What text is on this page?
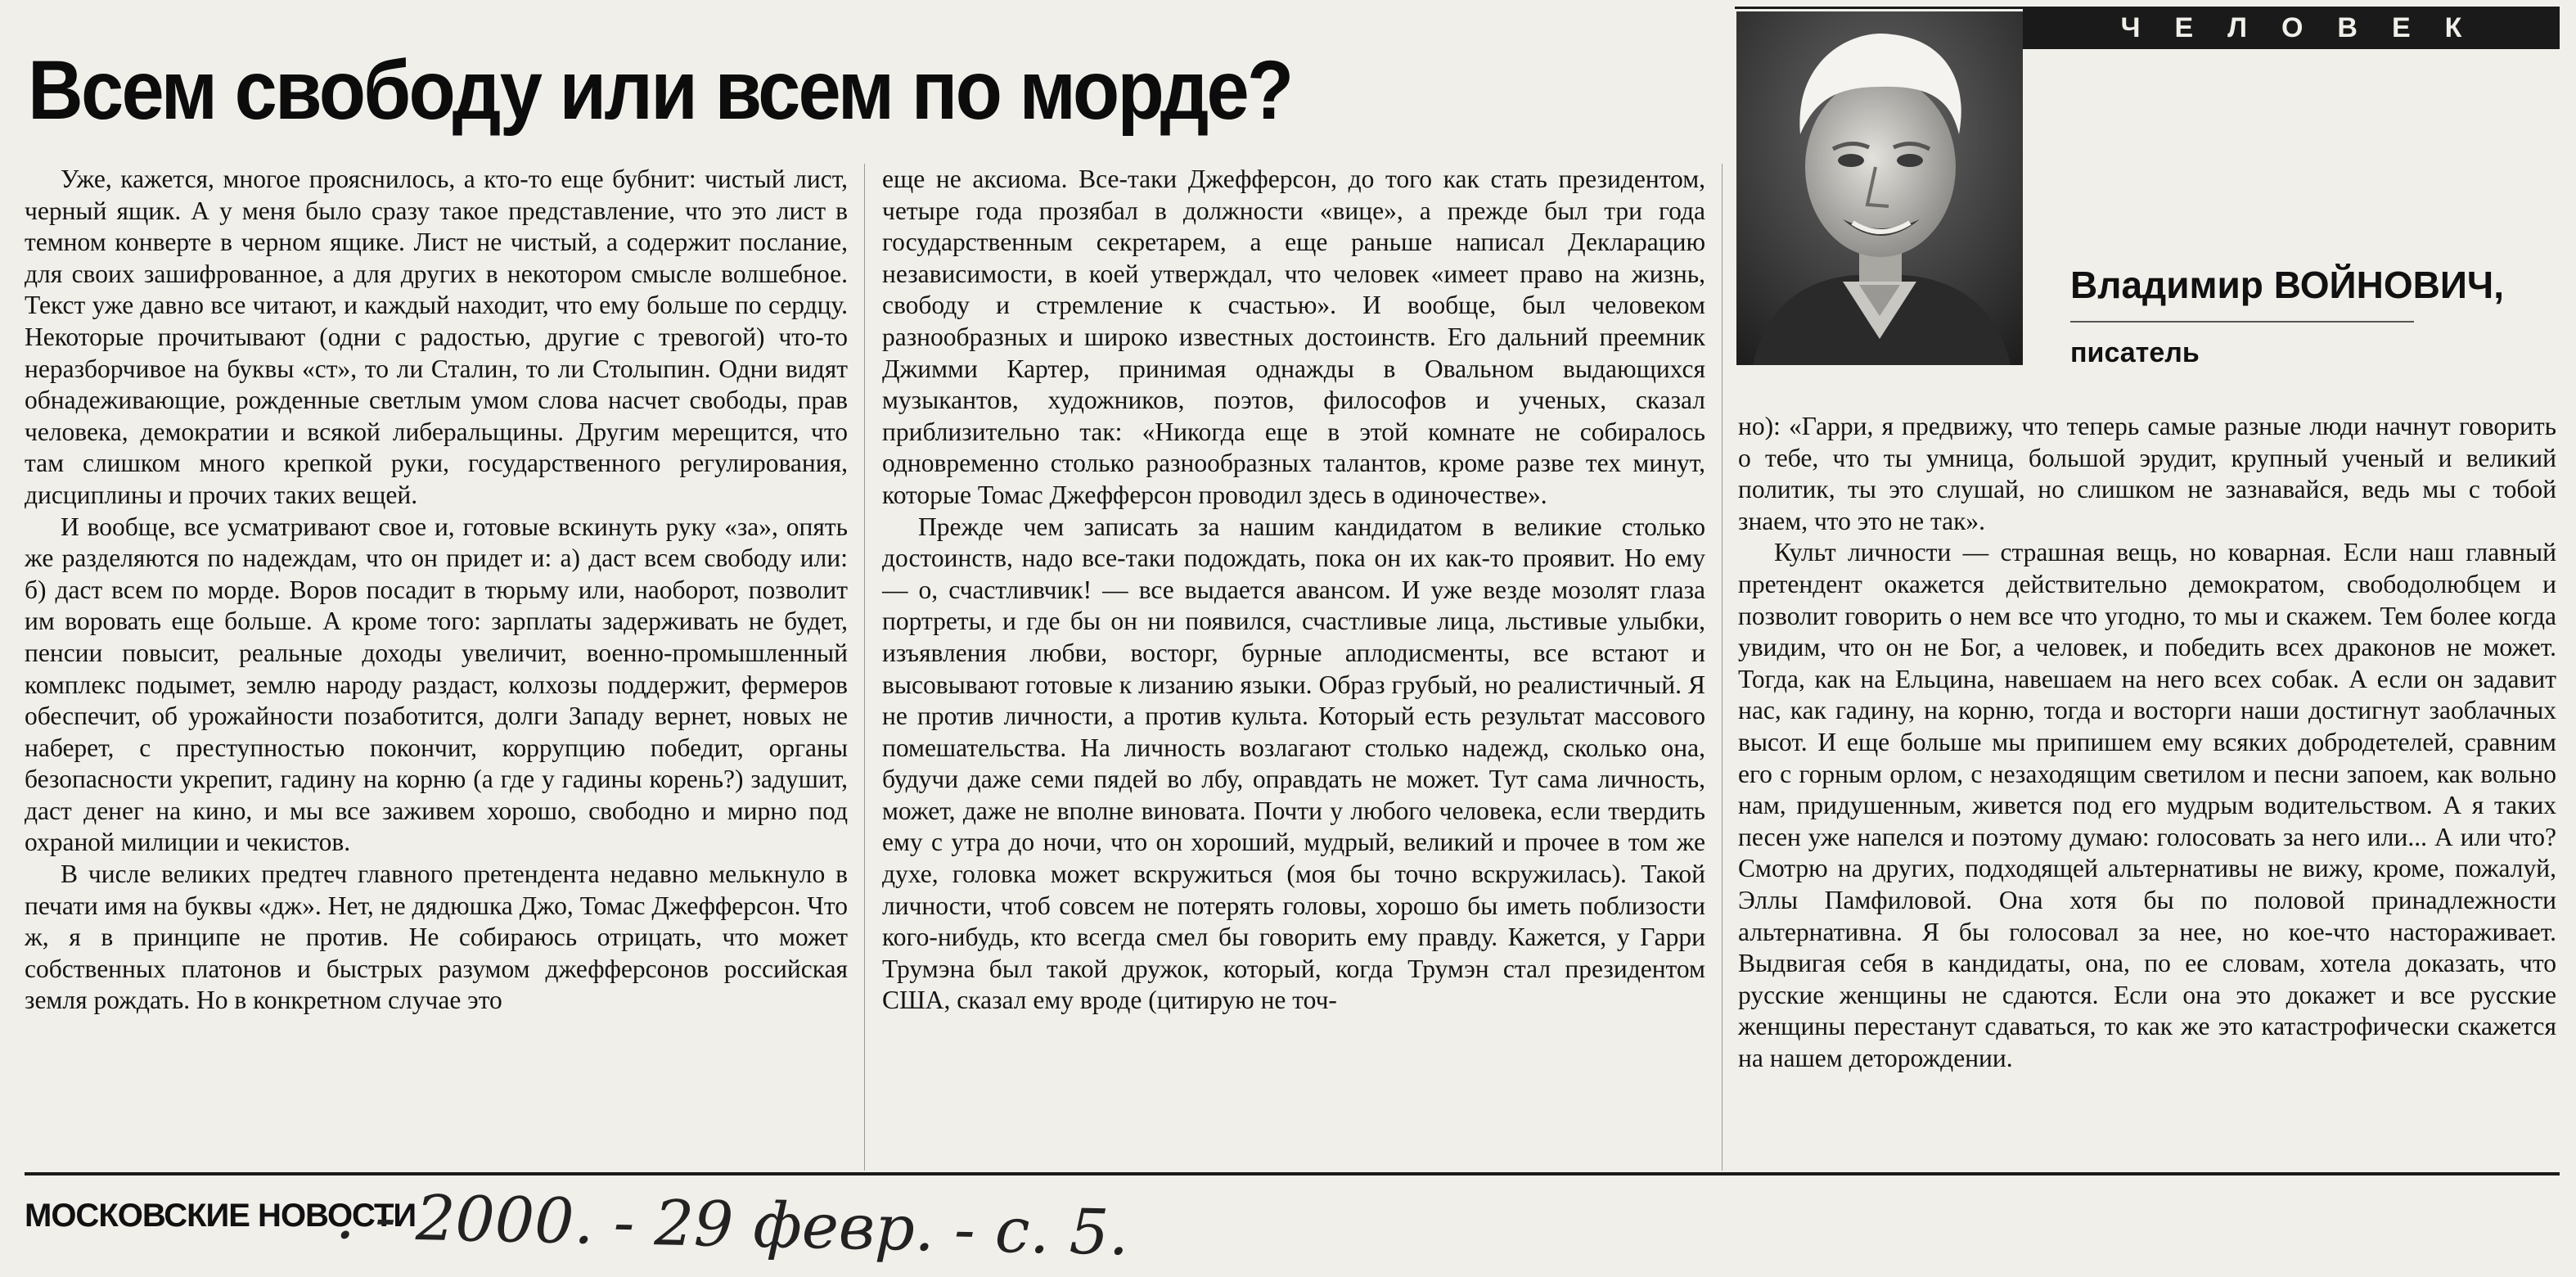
Всем свободу или всем по морде?
ЧЕЛОВЕК
Владимир ВОЙНОВИЧ,
писатель

Уже, кажется, многое прояснилось, а кто-то еще бубнит: чистый лист, черный ящик. А у меня было сразу такое представление, что это лист в темном конверте в черном ящике. Лист не чистый, а содержит послание, для своих зашифрованное, а для других в некотором смысле волшебное. Текст уже давно все читают, и каждый находит, что ему больше по сердцу. Некоторые прочитывают (одни с радостью, другие с тревогой) что-то неразборчивое на буквы «ст», то ли Сталин, то ли Столыпин. Одни видят обнадеживающие, рожденные светлым умом слова насчет свободы, прав человека, демократии и всякой либеральщины. Другим мерещится, что там слишком много крепкой руки, государственного регулирования, дисциплины и прочих таких вещей.

И вообще, все усматривают свое и, готовые вскинуть руку «за», опять же разделяются по надеждам, что он придет и: а) даст всем свободу или: б) даст всем по морде. Воров посадит в тюрьму или, наоборот, позволит им воровать еще больше. А кроме того: зарплаты задерживать не будет, пенсии повысит, реальные доходы увеличит, военно-промышленный комплекс подымет, землю народу раздаст, колхозы поддержит, фермеров обеспечит, об урожайности позаботится, долги Западу вернет, новых не наберет, с преступностью покончит, коррупцию победит, органы безопасности укрепит, гадину на корню (а где у гадины корень?) задушит, даст денег на кино, и мы все заживем хорошо, свободно и мирно под охраной милиции и чекистов.

В числе великих предтеч главного претендента недавно мелькнуло в печати имя на буквы «дж». Нет, не дядюшка Джо, Томас Джефферсон. Что ж, я в принципе не против. Не собираюсь отрицать, что может собственных платонов и быстрых разумом джефферсонов российская земля рождать. Но в конкретном случае это

еще не аксиома. Все-таки Джефферсон, до того как стать президентом, четыре года прозябал в должности «вице», а прежде был три года государственным секретарем, а еще раньше написал Декларацию независимости, в коей утверждал, что человек «имеет право на жизнь, свободу и стремление к счастью». И вообще, был человеком разнообразных и широко известных достоинств. Его дальний преемник Джимми Картер, принимая однажды в Овальном выдающихся музыкантов, художников, поэтов, философов и ученых, сказал приблизительно так: «Никогда еще в этой комнате не собиралось одновременно столько разнообразных талантов, кроме разве тех минут, которые Томас Джефферсон проводил здесь в одиночестве».

Прежде чем записать за нашим кандидатом в великие столько достоинств, надо все-таки подождать, пока он их как-то проявит. Но ему — о, счастливчик! — все выдается авансом. И уже везде мозолят глаза портреты, и где бы он ни появился, счастливые лица, льстивые улыбки, изъявления любви, восторг, бурные аплодисменты, все встают и высовывают готовые к лизанию языки. Образ грубый, но реалистичный. Я не против личности, а против культа. Который есть результат массового помешательства. На личность возлагают столько надежд, сколько она, будучи даже семи пядей во лбу, оправдать не может. Тут сама личность, может, даже не вполне виновата. Почти у любого человека, если твердить ему с утра до ночи, что он хороший, мудрый, великий и прочее в том же духе, головка может вскружиться (моя бы точно вскружилась). Такой личности, чтоб совсем не потерять головы, хорошо бы иметь поблизости кого-нибудь, кто всегда смел бы говорить ему правду. Кажется, у Гарри Трумэна был такой дружок, который, когда Трумэн стал президентом США, сказал ему вроде (цитирую не точ-

но): «Гарри, я предвижу, что теперь самые разные люди начнут говорить о тебе, что ты умница, большой эрудит, крупный ученый и великий политик, ты это слушай, но слишком не зазнавайся, ведь мы с тобой знаем, что это не так».

Культ личности — страшная вещь, но коварная. Если наш главный претендент окажется действительно демократом, свободолюбцем и позволит говорить о нем все что угодно, то мы и скажем. Тем более когда увидим, что он не Бог, а человек, и победить всех драконов не может. Тогда, как на Ельцина, навешаем на него всех собак. А если он задавит нас, как гадину, на корню, тогда и восторги наши достигнут заоблачных высот. И еще больше мы припишем ему всяких добродетелей, сравним его с горным орлом, с незаходящим светилом и песни запоем, как вольно нам, придушенным, живется под его мудрым водительством. А я таких песен уже напелся и поэтому думаю: голосовать за него или... А или что? Смотрю на других, подходящей альтернативы не вижу, кроме, пожалуй, Эллы Памфиловой. Она хотя бы по половой принадлежности альтернативна. Я бы голосовал за нее, но кое-что настораживает. Выдвигая себя в кандидаты, она, по ее словам, хотела доказать, что русские женщины не сдаются. Если она это докажет и все русские женщины перестанут сдаваться, то как же это катастрофически скажется на нашем деторождении.

МОСКОВСКИЕ НОВОСТИ
. - 2000. - 29 февр. - с. 5.
